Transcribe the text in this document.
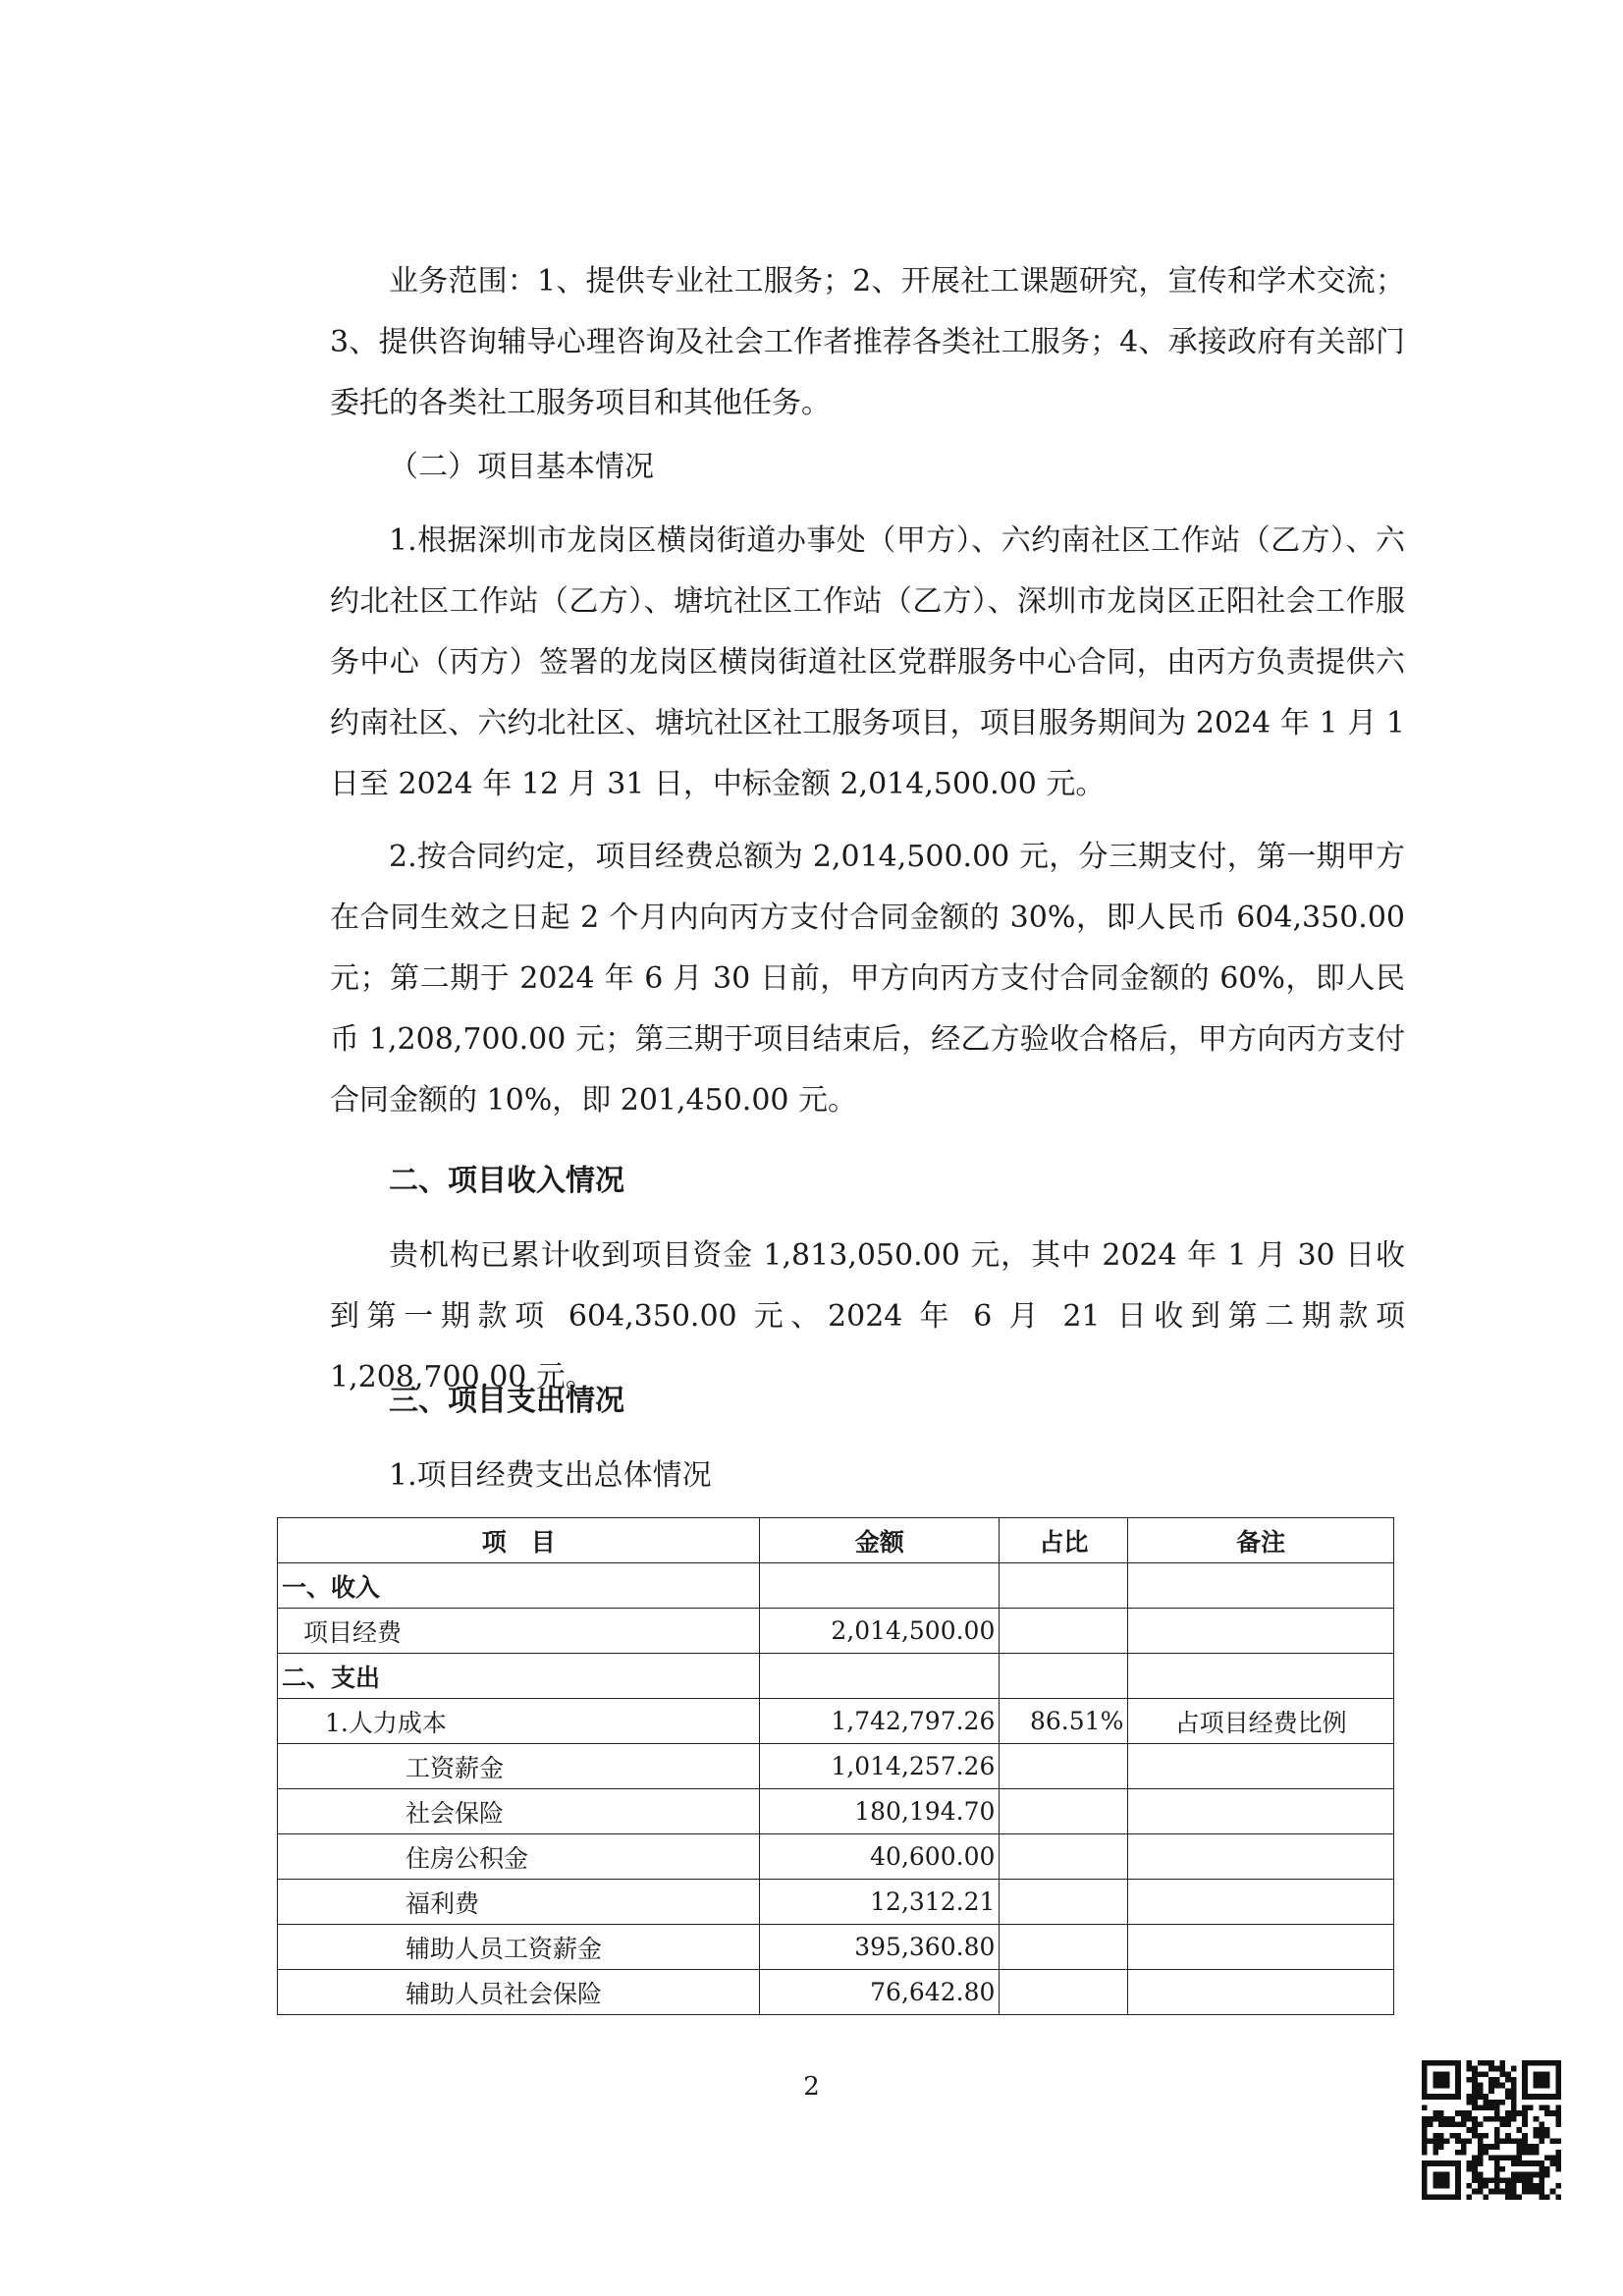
业务范围：1、提供专业社工服务；2、开展社工课题研究，宣传和学术交流；3、提供咨询辅导心理咨询及社会工作者推荐各类社工服务；4、承接政府有关部门委托的各类社工服务项目和其他任务。

（二）项目基本情况

1.根据深圳市龙岗区横岗街道办事处（甲方）、六约南社区工作站（乙方）、六约北社区工作站（乙方）、塘坑社区工作站（乙方）、深圳市龙岗区正阳社会工作服务中心（丙方）签署的龙岗区横岗街道社区党群服务中心合同，由丙方负责提供六约南社区、六约北社区、塘坑社区社工服务项目，项目服务期间为 2024 年 1 月 1 日至 2024 年 12 月 31 日，中标金额 2,014,500.00 元。

2.按合同约定，项目经费总额为 2,014,500.00 元，分三期支付，第一期甲方在合同生效之日起 2 个月内向丙方支付合同金额的 30%，即人民币 604,350.00 元；第二期于 2024 年 6 月 30 日前，甲方向丙方支付合同金额的 60%，即人民币 1,208,700.00 元；第三期于项目结束后，经乙方验收合格后，甲方向丙方支付合同金额的 10%，即 201,450.00 元。

二、项目收入情况

贵机构已累计收到项目资金 1,813,050.00 元，其中 2024 年 1 月 30 日收到第一期款项 604,350.00 元、2024 年 6 月 21 日收到第二期款项 1,208,700.00 元。

三、项目支出情况

1.项目经费支出总体情况

项　目	金额	占比	备注
一、收入			
项目经费	2,014,500.00		
二、支出			
1.人力成本	1,742,797.26	86.51%	占项目经费比例
工资薪金	1,014,257.26		
社会保险	180,194.70		
住房公积金	40,600.00		
福利费	12,312.21		
辅助人员工资薪金	395,360.80		
辅助人员社会保险	76,642.80		
2
